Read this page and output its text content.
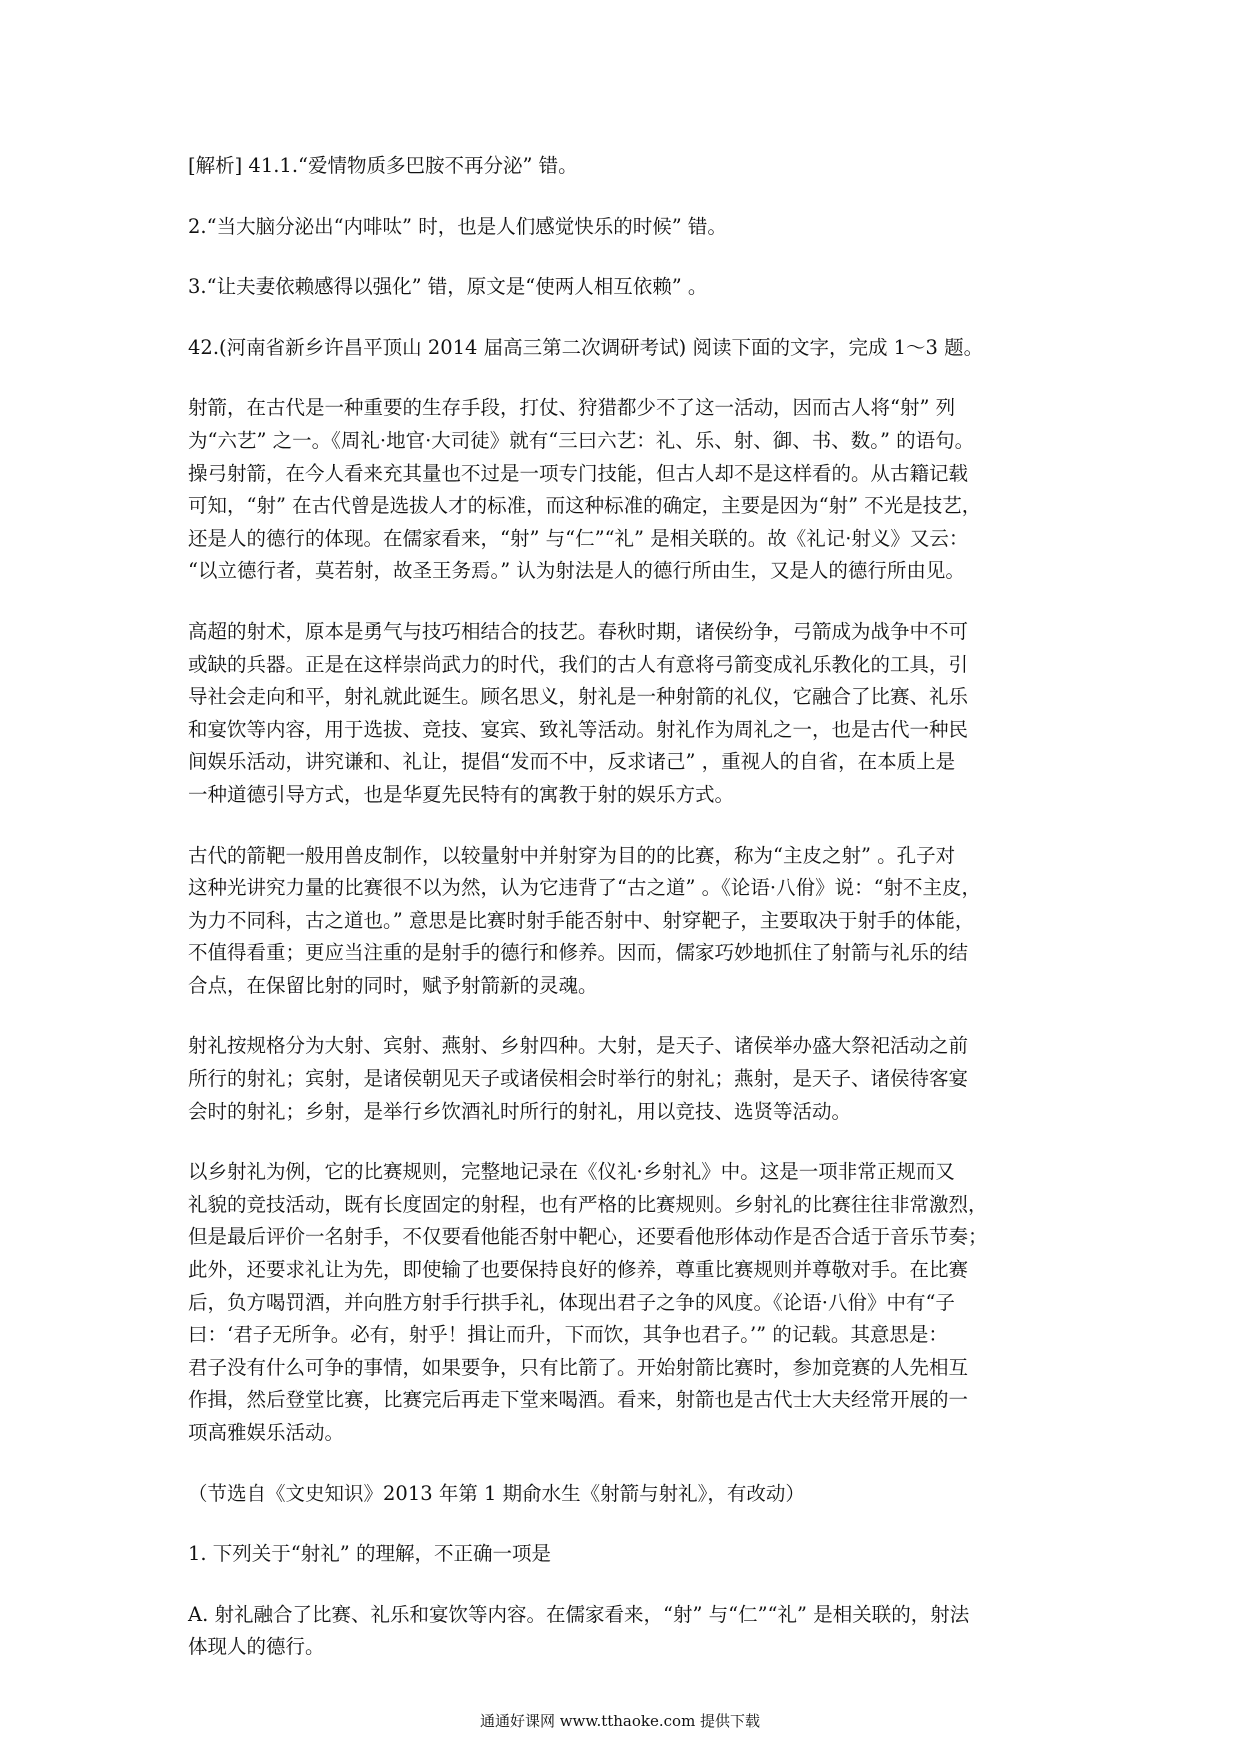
[解析] 41.1.“爱情物质多巴胺不再分泌” 错。

2.“当大脑分泌出“内啡呔” 时，也是人们感觉快乐的时候” 错。

3.“让夫妻依赖感得以强化” 错，原文是“使两人相互依赖” 。

42.(河南省新乡许昌平顶山 2014 届高三第二次调研考试) 阅读下面的文字，完成 1～3 题。

射箭，在古代是一种重要的生存手段，打仗、狩猎都少不了这一活动，因而古人将“射” 列
为“六艺” 之一。《周礼·地官·大司徒》就有“三曰六艺：礼、乐、射、御、书、数。” 的语句。
操弓射箭，在今人看来充其量也不过是一项专门技能，但古人却不是这样看的。从古籍记载
可知，“射” 在古代曾是选拔人才的标准，而这种标准的确定，主要是因为“射” 不光是技艺，
还是人的德行的体现。在儒家看来，“射” 与“仁”“礼” 是相关联的。故《礼记·射义》又云：
“以立德行者，莫若射，故圣王务焉。” 认为射法是人的德行所由生，又是人的德行所由见。

高超的射术，原本是勇气与技巧相结合的技艺。春秋时期，诸侯纷争，弓箭成为战争中不可
或缺的兵器。正是在这样崇尚武力的时代，我们的古人有意将弓箭变成礼乐教化的工具，引
导社会走向和平，射礼就此诞生。顾名思义，射礼是一种射箭的礼仪，它融合了比赛、礼乐
和宴饮等内容，用于选拔、竞技、宴宾、致礼等活动。射礼作为周礼之一，也是古代一种民
间娱乐活动，讲究谦和、礼让，提倡“发而不中，反求诸己” ，重视人的自省，在本质上是
一种道德引导方式，也是华夏先民特有的寓教于射的娱乐方式。

古代的箭靶一般用兽皮制作，以较量射中并射穿为目的的比赛，称为“主皮之射” 。孔子对
这种光讲究力量的比赛很不以为然，认为它违背了“古之道” 。《论语·八佾》说：“射不主皮，
为力不同科，古之道也。” 意思是比赛时射手能否射中、射穿靶子，主要取决于射手的体能，
不值得看重；更应当注重的是射手的德行和修养。因而，儒家巧妙地抓住了射箭与礼乐的结
合点，在保留比射的同时，赋予射箭新的灵魂。

射礼按规格分为大射、宾射、燕射、乡射四种。大射，是天子、诸侯举办盛大祭祀活动之前
所行的射礼；宾射，是诸侯朝见天子或诸侯相会时举行的射礼；燕射，是天子、诸侯待客宴
会时的射礼；乡射，是举行乡饮酒礼时所行的射礼，用以竞技、选贤等活动。

以乡射礼为例，它的比赛规则，完整地记录在《仪礼·乡射礼》中。这是一项非常正规而又
礼貌的竞技活动，既有长度固定的射程，也有严格的比赛规则。乡射礼的比赛往往非常激烈，
但是最后评价一名射手，不仅要看他能否射中靶心，还要看他形体动作是否合适于音乐节奏；
此外，还要求礼让为先，即使输了也要保持良好的修养，尊重比赛规则并尊敬对手。在比赛
后，负方喝罚酒，并向胜方射手行拱手礼，体现出君子之争的风度。《论语·八佾》中有“子
曰：‘君子无所争。必有，射乎！揖让而升，下而饮，其争也君子。’” 的记载。其意思是：
君子没有什么可争的事情，如果要争，只有比箭了。开始射箭比赛时，参加竞赛的人先相互
作揖，然后登堂比赛，比赛完后再走下堂来喝酒。看来，射箭也是古代士大夫经常开展的一
项高雅娱乐活动。

（节选自《文史知识》2013 年第 1 期俞水生《射箭与射礼》，有改动）

1. 下列关于“射礼” 的理解，不正确一项是

A. 射礼融合了比赛、礼乐和宴饮等内容。在儒家看来，“射” 与“仁”“礼” 是相关联的，射法
体现人的德行。

通通好课网 www.tthaoke.com 提供下载
